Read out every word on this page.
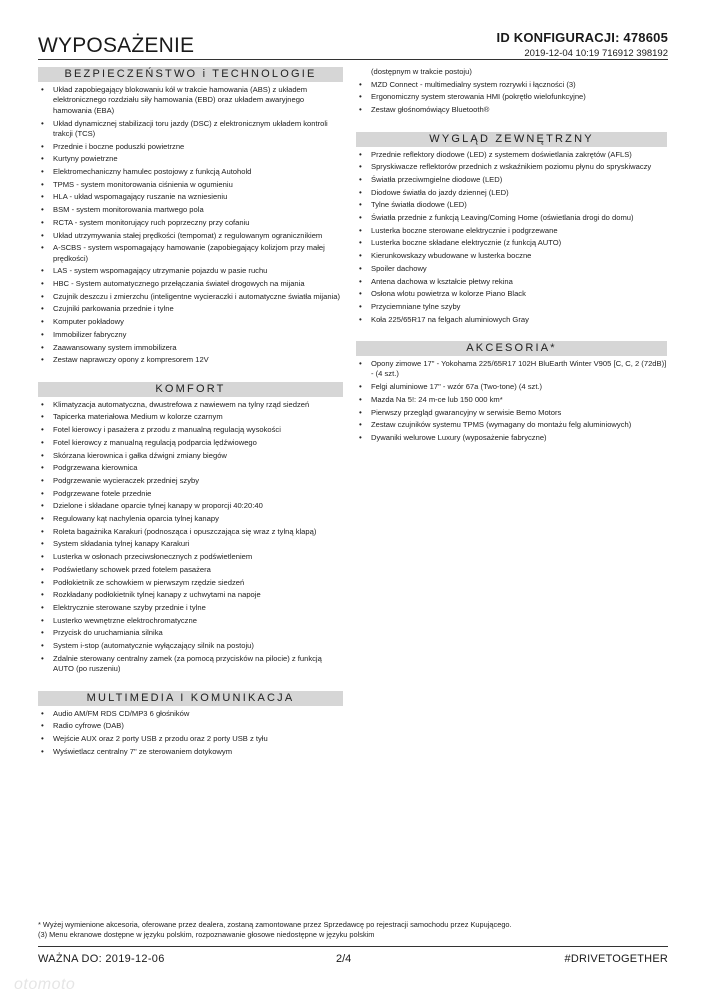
WYPOSAŻENIE	ID KONFIGURACJI: 478605
2019-12-04 10:19 716912 398192
BEZPIECZEŃSTWO i TECHNOLOGIE
• Układ zapobiegający blokowaniu kół w trakcie hamowania (ABS) z układem elektronicznego rozdziału siły hamowania (EBD) oraz układem awaryjnego hamowania (EBA)
• Układ dynamicznej stabilizacji toru jazdy (DSC) z elektronicznym układem kontroli trakcji (TCS)
• Przednie i boczne poduszki powietrzne
• Kurtyny powietrzne
• Elektromechaniczny hamulec postojowy z funkcją Autohold
• TPMS - system monitorowania ciśnienia w ogumieniu
• HLA - układ wspomagający ruszanie na wzniesieniu
• BSM - system monitorowania martwego pola
• RCTA - system monitorujący ruch poprzeczny przy cofaniu
• Układ utrzymywania stałej prędkości (tempomat) z regulowanym ogranicznikiem
• A-SCBS - system wspomagający hamowanie (zapobiegający kolizjom przy małej prędkości)
• LAS - system wspomagający utrzymanie pojazdu w pasie ruchu
• HBC - System automatycznego przełączania świateł drogowych na mijania
• Czujnik deszczu i zmierzchu (inteligentne wycieraczki i automatyczne światła mijania)
• Czujniki parkowania przednie i tylne
• Komputer pokładowy
• Immobilizer fabryczny
• Zaawansowany system immobilizera
• Zestaw naprawczy opony z kompresorem 12V
KOMFORT
• Klimatyzacja automatyczna, dwustrefowa z nawiewem na tylny rząd siedzeń
• Tapicerka materiałowa Medium w kolorze czarnym
• Fotel kierowcy i pasażera z przodu z manualną regulacją wysokości
• Fotel kierowcy z manualną regulacją podparcia lędźwiowego
• Skórzana kierownica i gałka dźwigni zmiany biegów
• Podgrzewana kierownica
• Podgrzewanie wycieraczek przedniej szyby
• Podgrzewane fotele przednie
• Dzielone i składane oparcie tylnej kanapy w proporcji 40:20:40
• Regulowany kąt nachylenia oparcia tylnej kanapy
• Roleta bagażnika Karakuri (podnosząca i opuszczająca się wraz z tylną klapą)
• System składania tylnej kanapy Karakuri
• Lusterka w osłonach przeciwsłonecznych z podświetleniem
• Podświetlany schowek przed fotelem pasażera
• Podłokietnik ze schowkiem w pierwszym rzędzie siedzeń
• Rozkładany podłokietnik tylnej kanapy z uchwytami na napoje
• Elektrycznie sterowane szyby przednie i tylne
• Lusterko wewnętrzne elektrochromatyczne
• Przycisk do uruchamiania silnika
• System i-stop (automatycznie wyłączający silnik na postoju)
• Zdalnie sterowany centralny zamek (za pomocą przycisków na pilocie) z funkcją AUTO (po ruszeniu)
MULTIMEDIA I KOMUNIKACJA
• Audio AM/FM RDS CD/MP3 6 głośników
• Radio cyfrowe (DAB)
• Wejście AUX oraz 2 porty USB z przodu oraz 2 porty USB z tyłu
• Wyświetlacz centralny 7" ze sterowaniem dotykowym
(dostępnym w trakcie postoju)
• MZD Connect - multimedialny system rozrywki i łączności (3)
• Ergonomiczny system sterowania HMI (pokrętło wielofunkcyjne)
• Zestaw głośnomówiący Bluetooth®
WYGLĄD ZEWNĘTRZNY
• Przednie reflektory diodowe (LED) z systemem doświetlania zakrętów (AFLS)
• Spryskiwacze reflektorów przednich z wskaźnikiem poziomu płynu do spryskiwaczy
• Światła przeciwmgielne diodowe (LED)
• Diodowe światła do jazdy dziennej (LED)
• Tylne światła diodowe (LED)
• Światła przednie z funkcją Leaving/Coming Home (oświetlania drogi do domu)
• Lusterka boczne sterowane elektrycznie i podgrzewane
• Lusterka boczne składane elektrycznie (z funkcją AUTO)
• Kierunkowskazy wbudowane w lusterka boczne
• Spoiler dachowy
• Antena dachowa w kształcie płetwy rekina
• Osłona wlotu powietrza w kolorze Piano Black
• Przyciemniane tylne szyby
• Koła 225/65R17 na felgach aluminiowych Gray
AKCESORIA*
• Opony zimowe 17" - Yokohama 225/65R17 102H BluEarth Winter V905 [C, C, 2 (72dB)] - (4 szt.)
• Felgi aluminiowe 17" - wzór 67a (Two-tone) (4 szt.)
• Mazda Na 5!: 24 m-ce lub 150 000 km*
• Pierwszy przegląd gwarancyjny w serwisie Bemo Motors
• Zestaw czujników systemu TPMS (wymagany do montażu felg aluminiowych)
• Dywaniki welurowe Luxury (wyposażenie fabryczne)
* Wyżej wymienione akcesoria, oferowane przez dealera, zostaną zamontowane przez Sprzedawcę po rejestracji samochodu przez Kupującego.
(3) Menu ekranowe dostępne w języku polskim, rozpoznawanie głosowe niedostępne w języku polskim
WAŻNA DO: 2019-12-06	2/4	#DRIVETOGETHER
otomoto
